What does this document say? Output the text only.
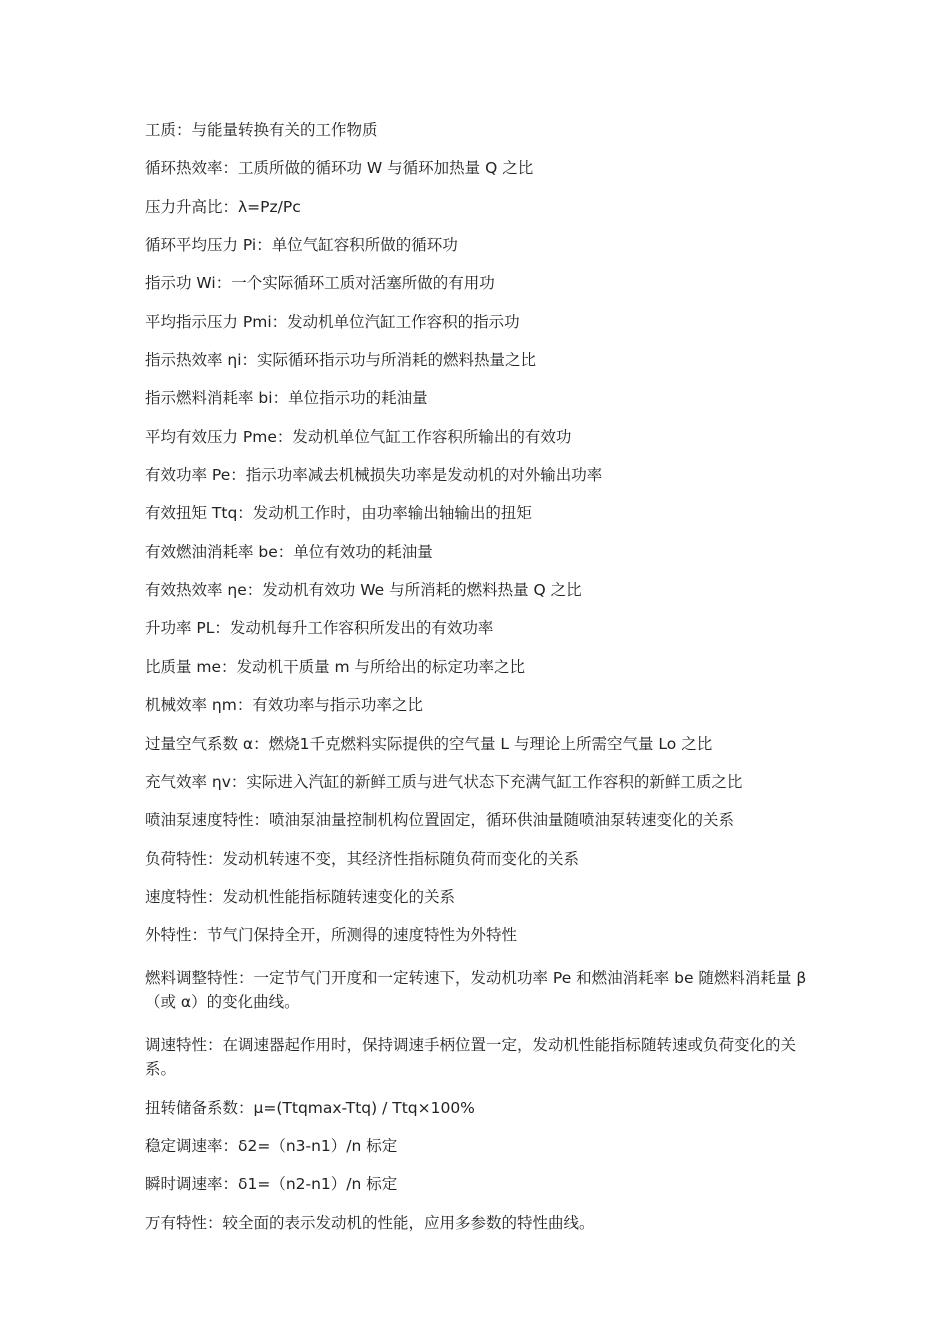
工质：与能量转换有关的工作物质
循环热效率：工质所做的循环功 W 与循环加热量 Q 之比
压力升高比：λ=Pz/Pc
循环平均压力 Pi：单位气缸容积所做的循环功
指示功 Wi：一个实际循环工质对活塞所做的有用功
平均指示压力 Pmi：发动机单位汽缸工作容积的指示功
指示热效率 ηi：实际循环指示功与所消耗的燃料热量之比
指示燃料消耗率 bi：单位指示功的耗油量
平均有效压力 Pme：发动机单位气缸工作容积所输出的有效功
有效功率 Pe：指示功率减去机械损失功率是发动机的对外输出功率
有效扭矩 Ttq：发动机工作时，由功率输出轴输出的扭矩
有效燃油消耗率 be：单位有效功的耗油量
有效热效率 ηe：发动机有效功 We 与所消耗的燃料热量 Q 之比
升功率 PL：发动机每升工作容积所发出的有效功率
比质量 me：发动机干质量 m 与所给出的标定功率之比
机械效率 ηm：有效功率与指示功率之比
过量空气系数 α：燃烧1千克燃料实际提供的空气量 L 与理论上所需空气量 Lo 之比
充气效率 ηv：实际进入汽缸的新鲜工质与进气状态下充满气缸工作容积的新鲜工质之比
喷油泵速度特性：喷油泵油量控制机构位置固定，循环供油量随喷油泵转速变化的关系
负荷特性：发动机转速不变，其经济性指标随负荷而变化的关系
速度特性：发动机性能指标随转速变化的关系
外特性：节气门保持全开，所测得的速度特性为外特性
燃料调整特性：一定节气门开度和一定转速下，发动机功率 Pe 和燃油消耗率 be 随燃料消耗量 β（或 α）的变化曲线。
调速特性：在调速器起作用时，保持调速手柄位置一定，发动机性能指标随转速或负荷变化的关系。
扭转储备系数：μ=(Ttqmax-Ttq) / Ttq×100%
稳定调速率：δ2=（n3-n1）/n 标定
瞬时调速率：δ1=（n2-n1）/n 标定
万有特性：较全面的表示发动机的性能，应用多参数的特性曲线。
